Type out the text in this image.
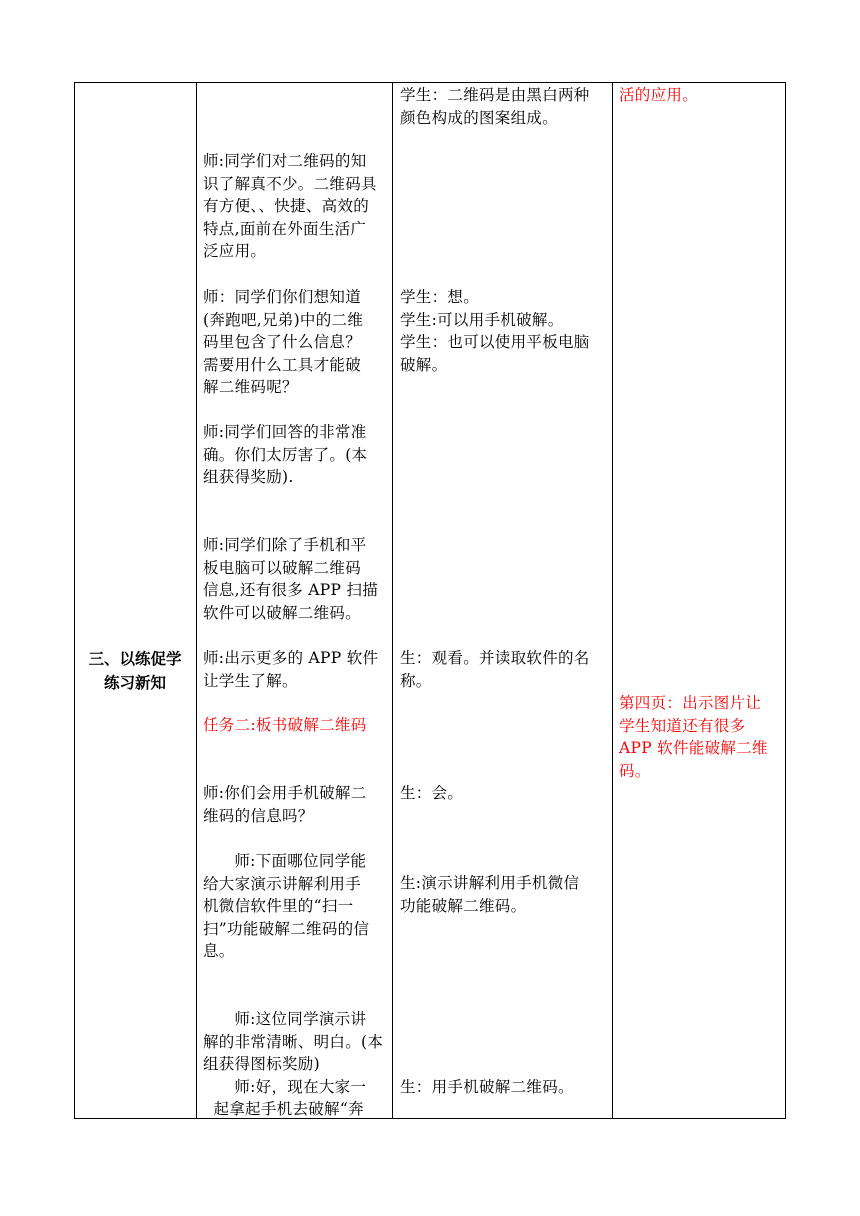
三、以练促学
练习新知
师:同学们对二维码的知
识了解真不少。二维码具
有方便、、快捷、高效的
特点,面前在外面生活广
泛应用。
师：同学们你们想知道
(奔跑吧,兄弟)中的二维
码里包含了什么信息？
需要用什么工具才能破
解二维码呢？
师:同学们回答的非常准
确。你们太厉害了。(本
组获得奖励).
师:同学们除了手机和平
板电脑可以破解二维码
信息,还有很多 APP 扫描
软件可以破解二维码。
师:出示更多的 APP 软件
让学生了解。
任务二:板书破解二维码
师:你们会用手机破解二
维码的信息吗？
师:下面哪位同学能
给大家演示讲解利用手
机微信软件里的“扫一
扫”功能破解二维码的信
息。
师:这位同学演示讲
解的非常清晰、明白。(本
组获得图标奖励)
师:好，现在大家一
起拿起手机去破解“奔
学生：二维码是由黑白两种
颜色构成的图案组成。
学生：想。
学生:可以用手机破解。
学生：也可以使用平板电脑
破解。
生：观看。并读取软件的名
称。
生：会。
生:演示讲解利用手机微信
功能破解二维码。
生：用手机破解二维码。
活的应用。
第四页：出示图片让
学生知道还有很多
APP 软件能破解二维
码。
